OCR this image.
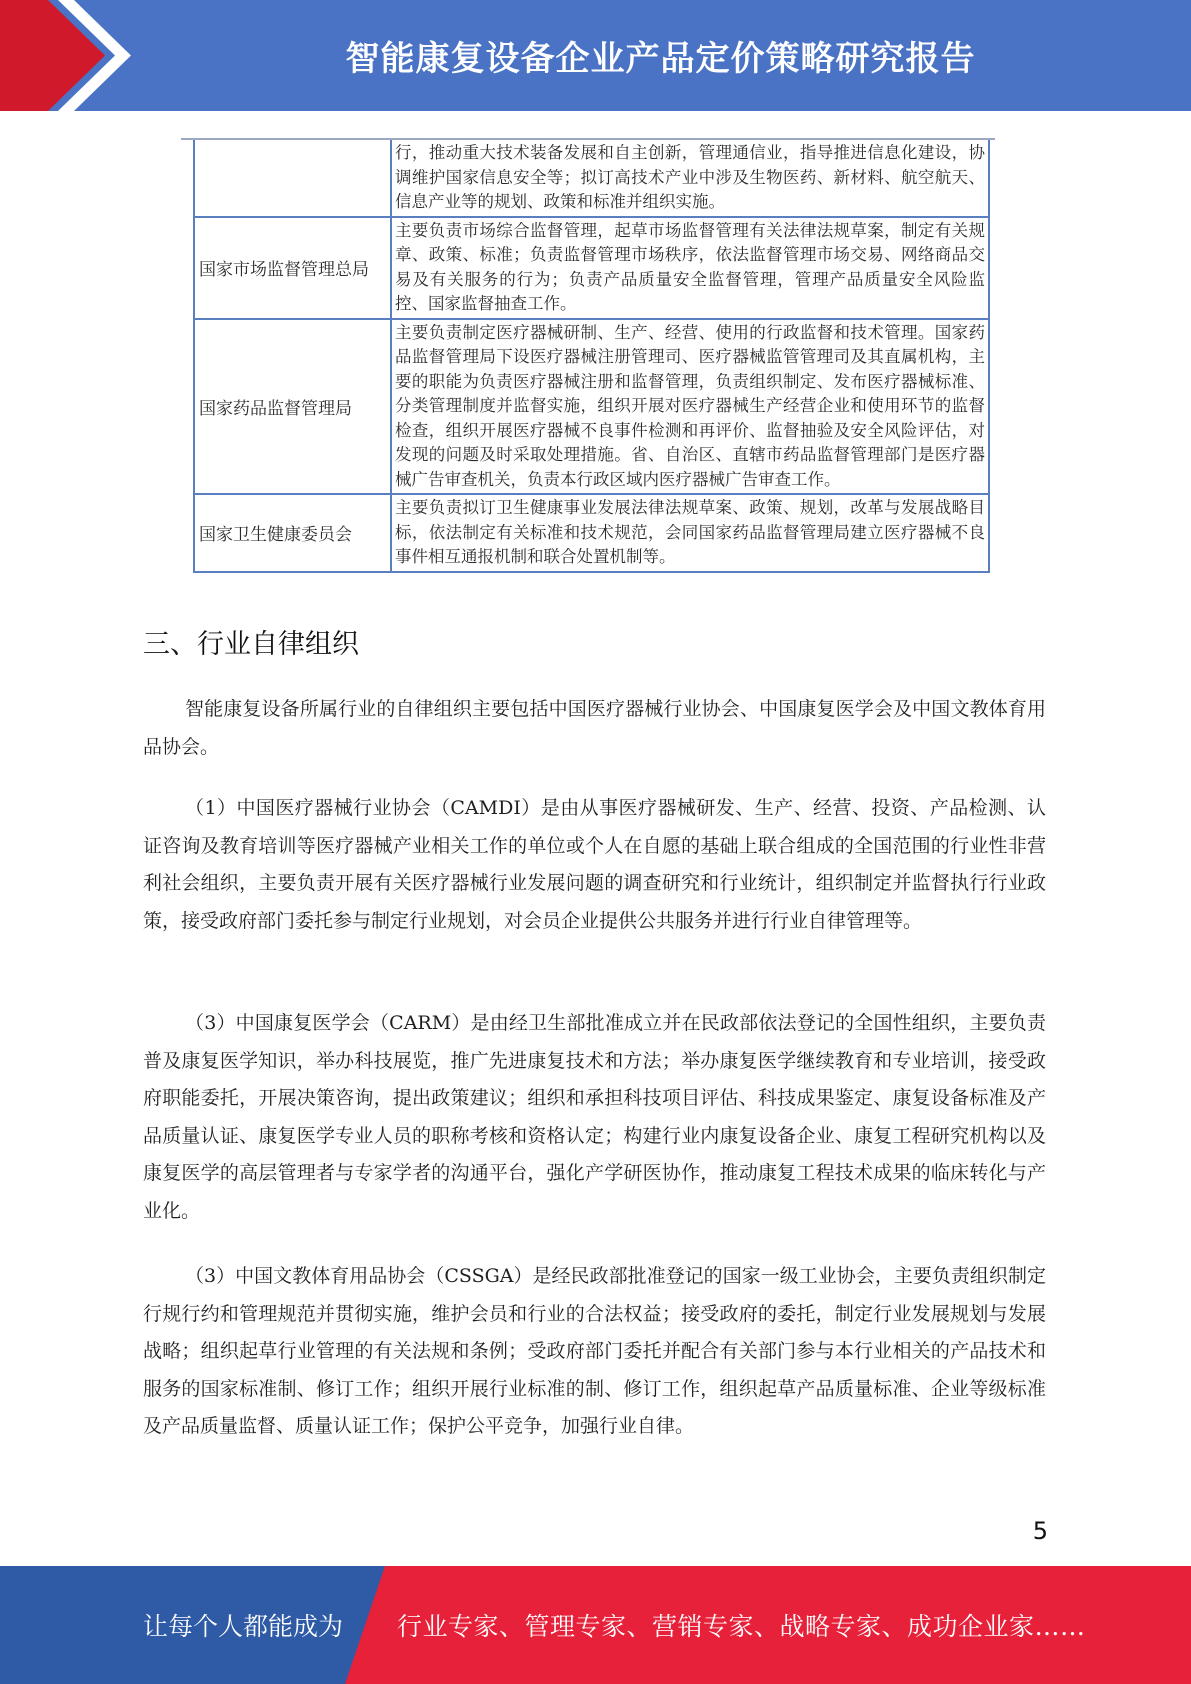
智能康复设备企业产品定价策略研究报告
	行，推动重大技术装备发展和自主创新，管理通信业，指导推进信息化建设，协调维护国家信息安全等；拟订高技术产业中涉及生物医药、新材料、航空航天、信息产业等的规划、政策和标准并组织实施。
国家市场监督管理总局	主要负责市场综合监督管理，起草市场监督管理有关法律法规草案，制定有关规章、政策、标准；负责监督管理市场秩序，依法监督管理市场交易、网络商品交易及有关服务的行为；负责产品质量安全监督管理，管理产品质量安全风险监控、国家监督抽查工作。
国家药品监督管理局	主要负责制定医疗器械研制、生产、经营、使用的行政监督和技术管理。国家药品监督管理局下设医疗器械注册管理司、医疗器械监管管理司及其直属机构，主要的职能为负责医疗器械注册和监督管理，负责组织制定、发布医疗器械标准、分类管理制度并监督实施，组织开展对医疗器械生产经营企业和使用环节的监督检查，组织开展医疗器械不良事件检测和再评价、监督抽验及安全风险评估，对发现的问题及时采取处理措施。省、自治区、直辖市药品监督管理部门是医疗器械广告审查机关，负责本行政区域内医疗器械广告审查工作。
国家卫生健康委员会	主要负责拟订卫生健康事业发展法律法规草案、政策、规划，改革与发展战略目标，依法制定有关标准和技术规范，会同国家药品监督管理局建立医疗器械不良事件相互通报机制和联合处置机制等。
三、行业自律组织

智能康复设备所属行业的自律组织主要包括中国医疗器械行业协会、中国康复医学会及中国文教体育用品协会。

（1）中国医疗器械行业协会（CAMDI）是由从事医疗器械研发、生产、经营、投资、产品检测、认证咨询及教育培训等医疗器械产业相关工作的单位或个人在自愿的基础上联合组成的全国范围的行业性非营利社会组织，主要负责开展有关医疗器械行业发展问题的调查研究和行业统计，组织制定并监督执行行业政策，接受政府部门委托参与制定行业规划，对会员企业提供公共服务并进行行业自律管理等。

（3）中国康复医学会（CARM）是由经卫生部批准成立并在民政部依法登记的全国性组织，主要负责普及康复医学知识，举办科技展览，推广先进康复技术和方法；举办康复医学继续教育和专业培训，接受政府职能委托，开展决策咨询，提出政策建议；组织和承担科技项目评估、科技成果鉴定、康复设备标准及产品质量认证、康复医学专业人员的职称考核和资格认定；构建行业内康复设备企业、康复工程研究机构以及康复医学的高层管理者与专家学者的沟通平台，强化产学研医协作，推动康复工程技术成果的临床转化与产业化。

（3）中国文教体育用品协会（CSSGA）是经民政部批准登记的国家一级工业协会，主要负责组织制定行规行约和管理规范并贯彻实施，维护会员和行业的合法权益；接受政府的委托，制定行业发展规划与发展战略；组织起草行业管理的有关法规和条例；受政府部门委托并配合有关部门参与本行业相关的产品技术和服务的国家标准制、修订工作；组织开展行业标准的制、修订工作，组织起草产品质量标准、企业等级标准及产品质量监督、质量认证工作；保护公平竞争，加强行业自律。

5
让每个人都能成为 行业专家、管理专家、营销专家、战略专家、成功企业家……
